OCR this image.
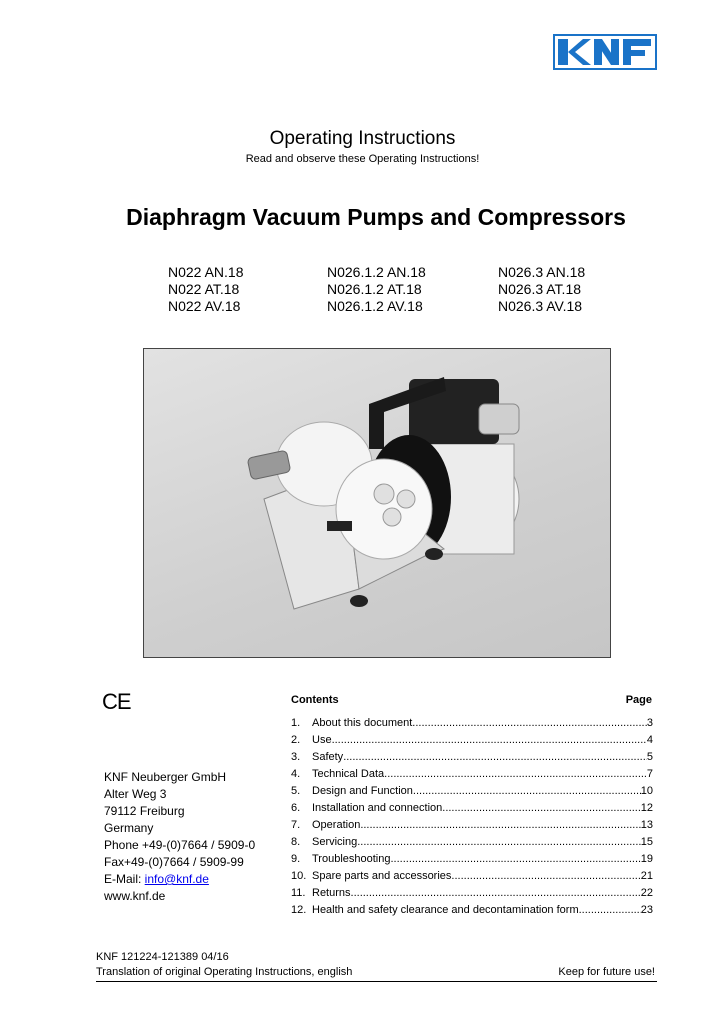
Operating Instructions
Read and observe these Operating Instructions!
Diaphragm Vacuum Pumps and Compressors
N022 AN.18
N022 AT.18
N022 AV.18
N026.1.2 AN.18
N026.1.2 AT.18
N026.1.2 AV.18
N026.3 AN.18
N026.3 AT.18
N026.3 AV.18
CE
KNF Neuberger GmbH
Alter Weg 3
79112 Freiburg
Germany
Phone +49-(0)7664 / 5909-0
Fax+49-(0)7664 / 5909-99
E-Mail: info@knf.de
www.knf.de
Contents	Page
1.	About this document .....	3
2.	Use .....	4
3.	Safety .....	5
4.	Technical Data .....	7
5.	Design and Function .....	10
6.	Installation and connection .....	12
7.	Operation .....	13
8.	Servicing .....	15
9.	Troubleshooting .....	19
10. Spare parts and accessories .....	21
11. Returns .....	22
12. Health and safety clearance and decontamination form .....	23
KNF 121224-121389 04/16
Translation of original Operating Instructions, english	Keep for future use!
